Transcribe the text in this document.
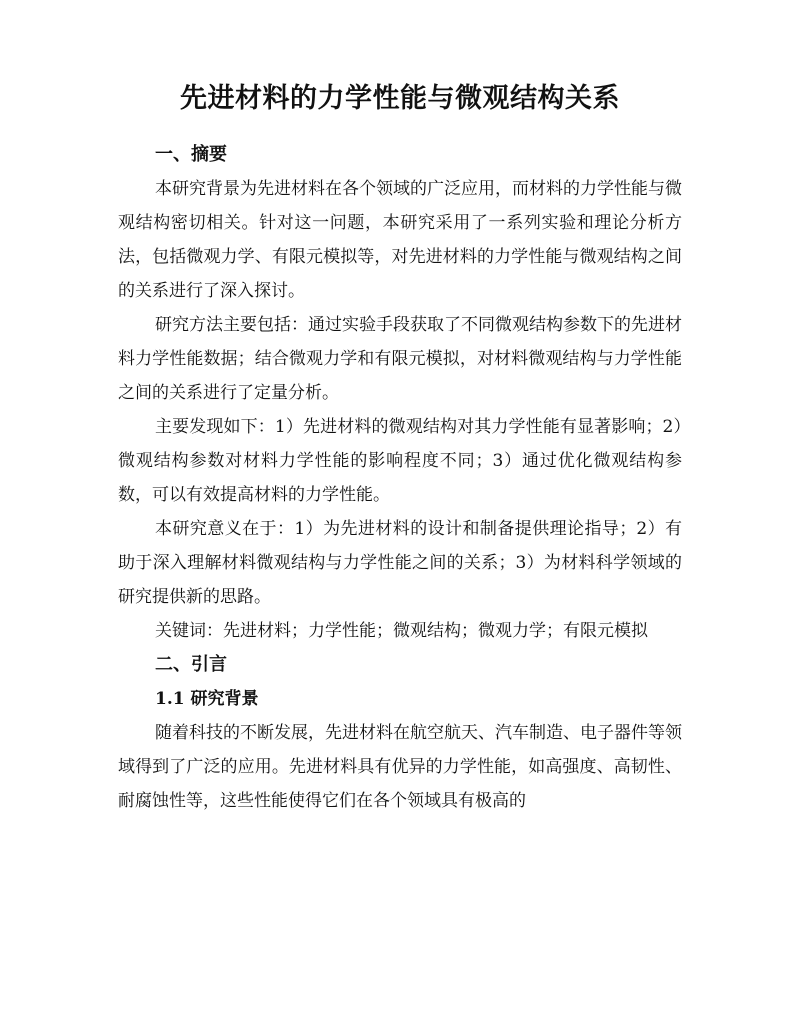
先进材料的力学性能与微观结构关系
一、摘要

本研究背景为先进材料在各个领域的广泛应用，而材料的力学性能与微观结构密切相关。针对这一问题，本研究采用了一系列实验和理论分析方法，包括微观力学、有限元模拟等，对先进材料的力学性能与微观结构之间的关系进行了深入探讨。

研究方法主要包括：通过实验手段获取了不同微观结构参数下的先进材料力学性能数据；结合微观力学和有限元模拟，对材料微观结构与力学性能之间的关系进行了定量分析。

主要发现如下：1）先进材料的微观结构对其力学性能有显著影响；2）微观结构参数对材料力学性能的影响程度不同；3）通过优化微观结构参数，可以有效提高材料的力学性能。

本研究意义在于：1）为先进材料的设计和制备提供理论指导；2）有助于深入理解材料微观结构与力学性能之间的关系；3）为材料科学领域的研究提供新的思路。

关键词：先进材料；力学性能；微观结构；微观力学；有限元模拟

二、引言
1.1 研究背景

随着科技的不断发展，先进材料在航空航天、汽车制造、电子器件等领域得到了广泛的应用。先进材料具有优异的力学性能，如高强度、高韧性、耐腐蚀性等，这些性能使得它们在各个领域具有极高的
